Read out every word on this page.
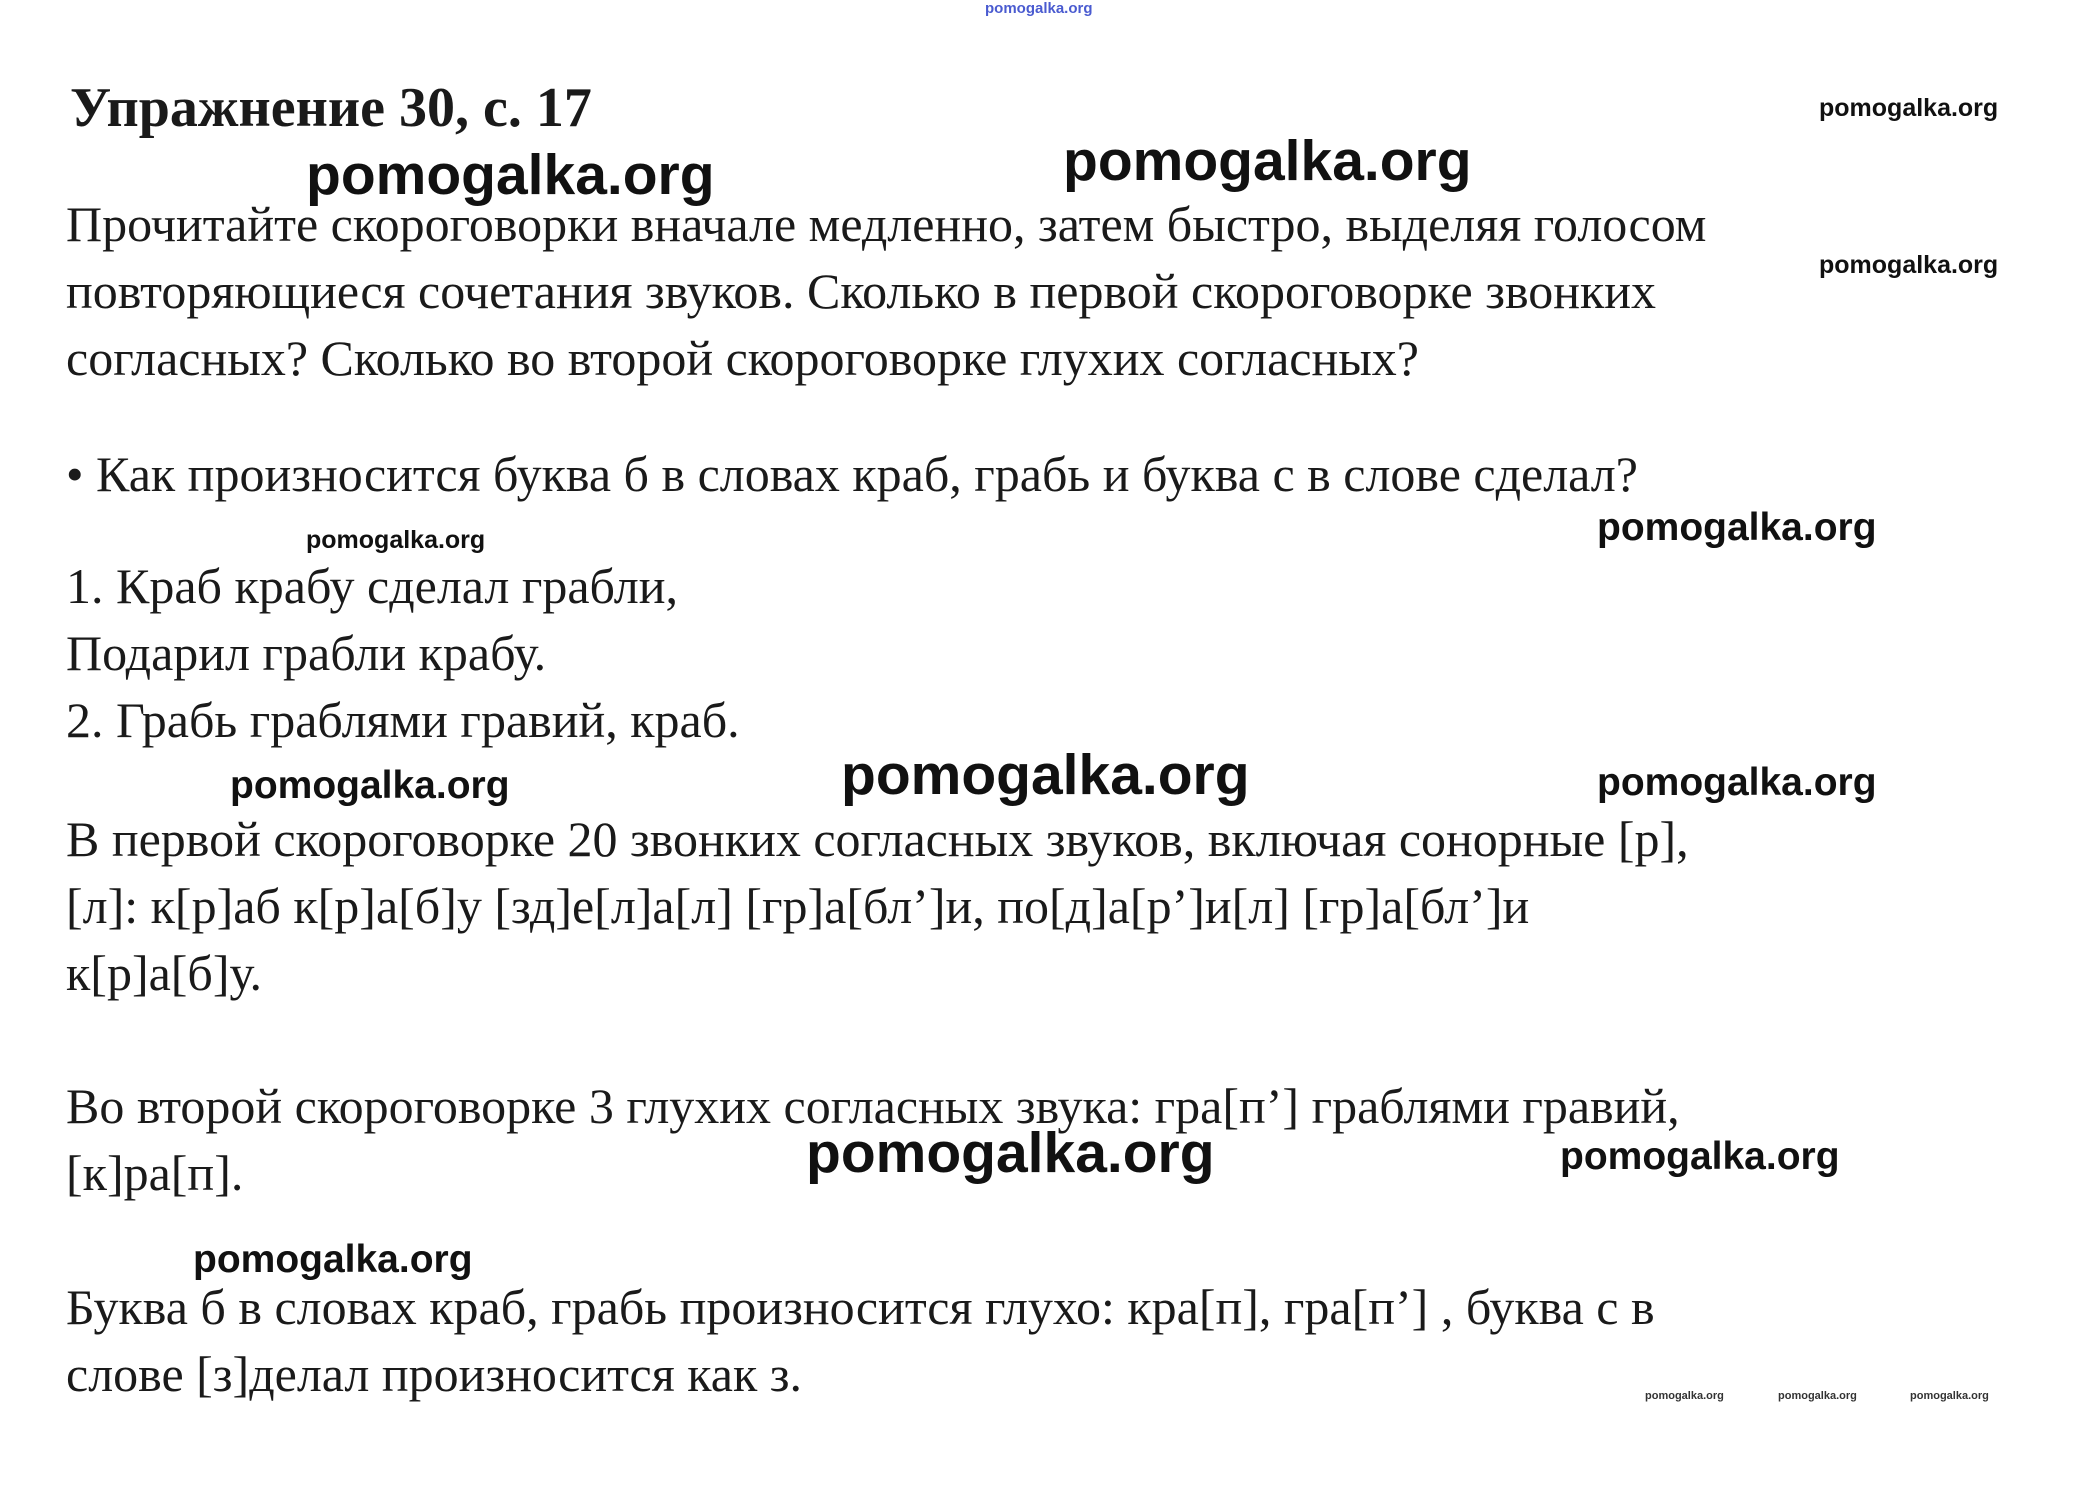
pomogalka.org
Упражнение 30, с. 17
Прочитайте скороговорки вначале медленно, затем быстро, выделяя голосом
повторяющиеся сочетания звуков. Сколько в первой скороговорке звонких
согласных? Сколько во второй скороговорке глухих согласных?
• Как произносится буква б в словах краб, грабь и буква с в слове сделал?
1. Краб крабу сделал грабли,
Подарил грабли крабу.
2. Грабь граблями гравий, краб.
В первой скороговорке 20 звонких согласных звуков, включая сонорные [р],
[л]: к[р]аб к[р]а[б]у [зд]е[л]а[л] [гр]а[бл’]и, по[д]а[р’]и[л] [гр]а[бл’]и
к[р]а[б]у.
Во второй скороговорке 3 глухих согласных звука: гра[п’] граблями гравий,
[к]ра[п].
Буква б в словах краб, грабь произносится глухо: кра[п], гра[п’] , буква с в
слове [з]делал произносится как з.
pomogalka.org
pomogalka.org	pomogalka.org
pomogalka.org
pomogalka.org	pomogalka.org
pomogalka.org	pomogalka.org	pomogalka.org
pomogalka.org	pomogalka.org
pomogalka.org
pomogalka.org	pomogalka.org	pomogalka.org
